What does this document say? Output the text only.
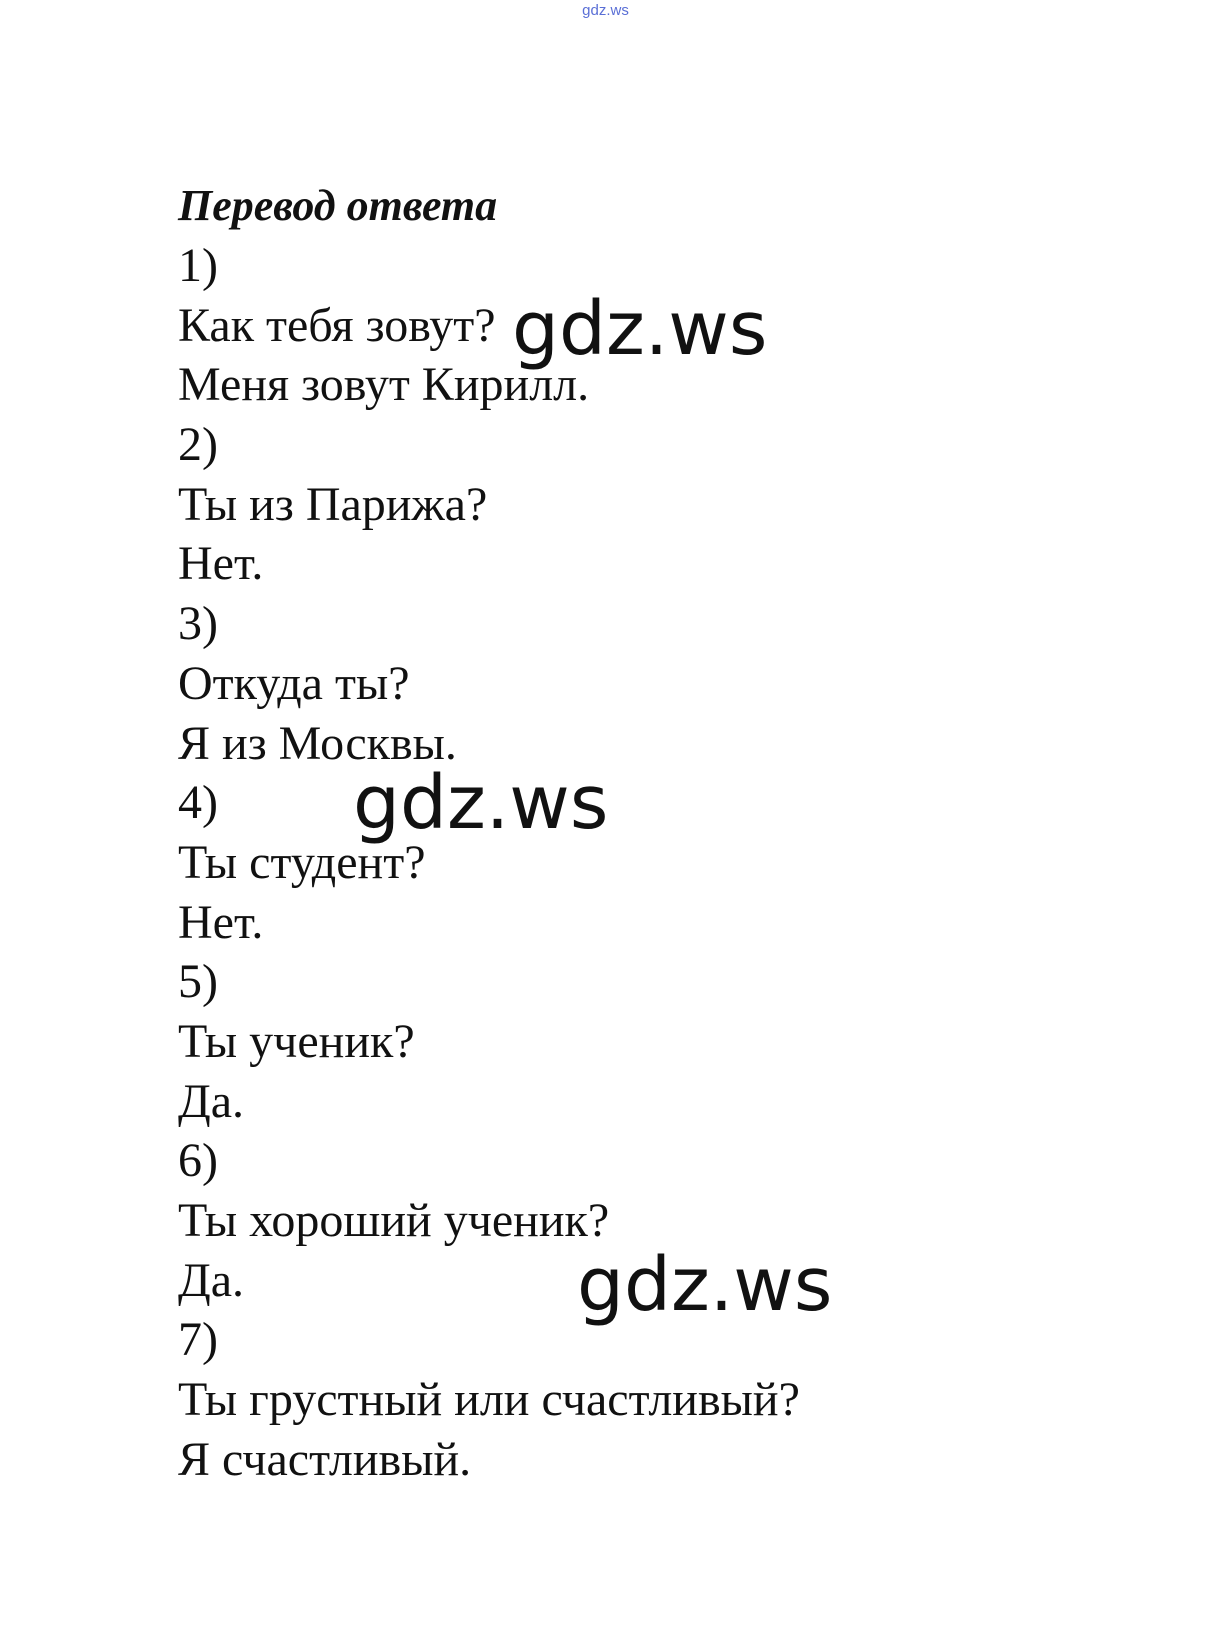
gdz.ws
Перевод ответа
1)
Как тебя зовут?
Меня зовут Кирилл.
2)
Ты из Парижа?
Нет.
3)
Откуда ты?
Я из Москвы.
4)
Ты студент?
Нет.
5)
Ты ученик?
Да.
6)
Ты хороший ученик?
Да.
7)
Ты грустный или счастливый?
Я счастливый.
gdz.ws
gdz.ws
gdz.ws
